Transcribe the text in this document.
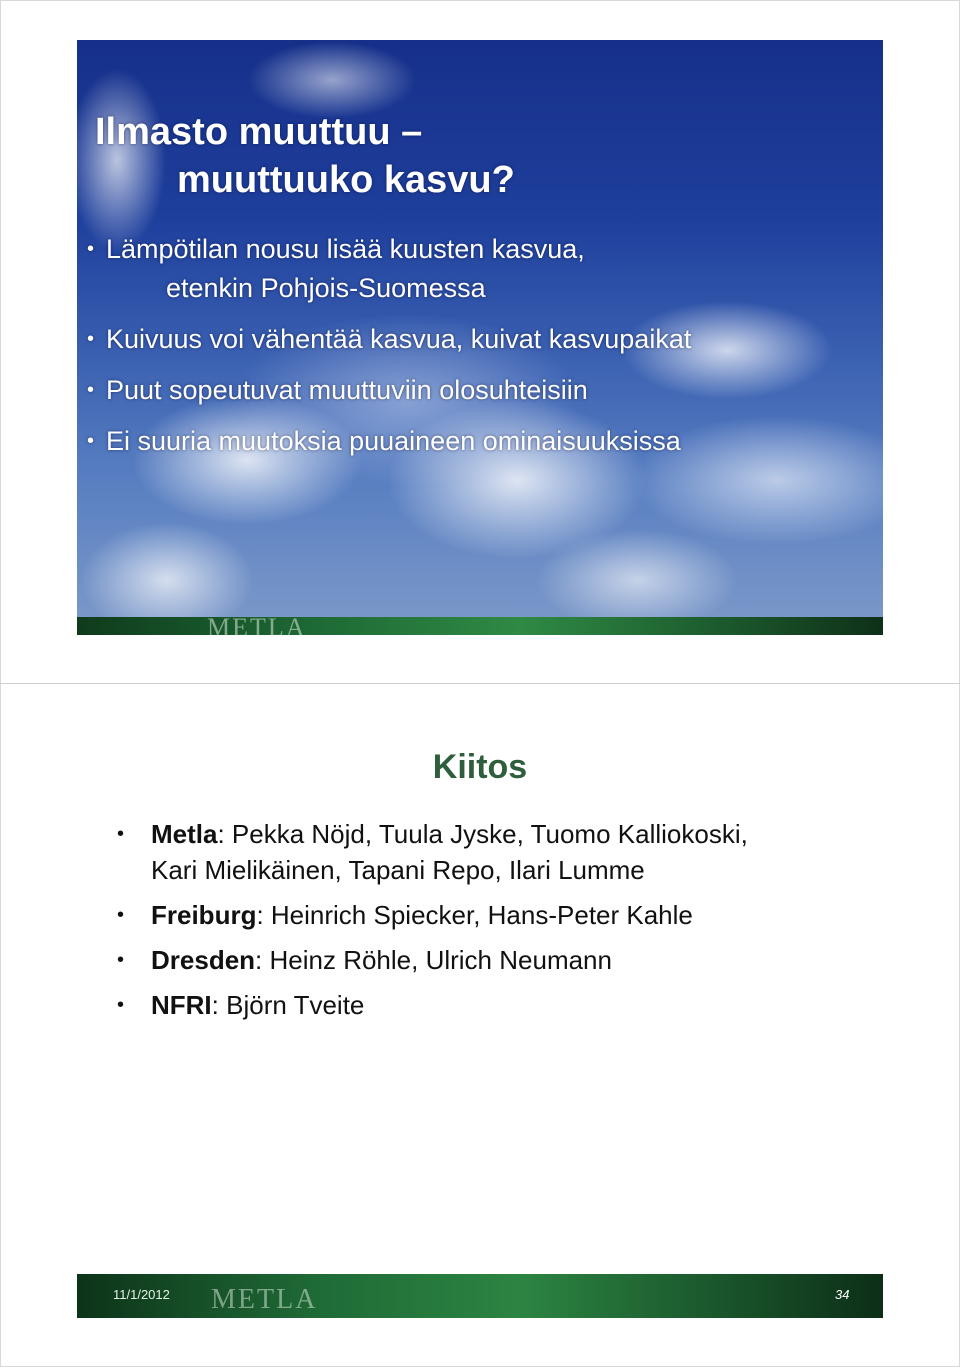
Ilmasto muuttuu –
muuttuuko kasvu?
• Lämpötilan nousu lisää kuusten kasvua,
etenkin Pohjois-Suomessa
• Kuivuus voi vähentää kasvua, kuivat kasvupaikat
• Puut sopeutuvat muuttuviin olosuhteisiin
• Ei suuria muutoksia puuaineen ominaisuuksissa
METLA
Kiitos
• Metla: Pekka Nöjd, Tuula Jyske, Tuomo Kalliokoski,
Kari Mielikäinen, Tapani Repo, Ilari Lumme
• Freiburg: Heinrich Spiecker, Hans-Peter Kahle
• Dresden: Heinz Röhle, Ulrich Neumann
• NFRI: Björn Tveite
11/1/2012 METLA	34
